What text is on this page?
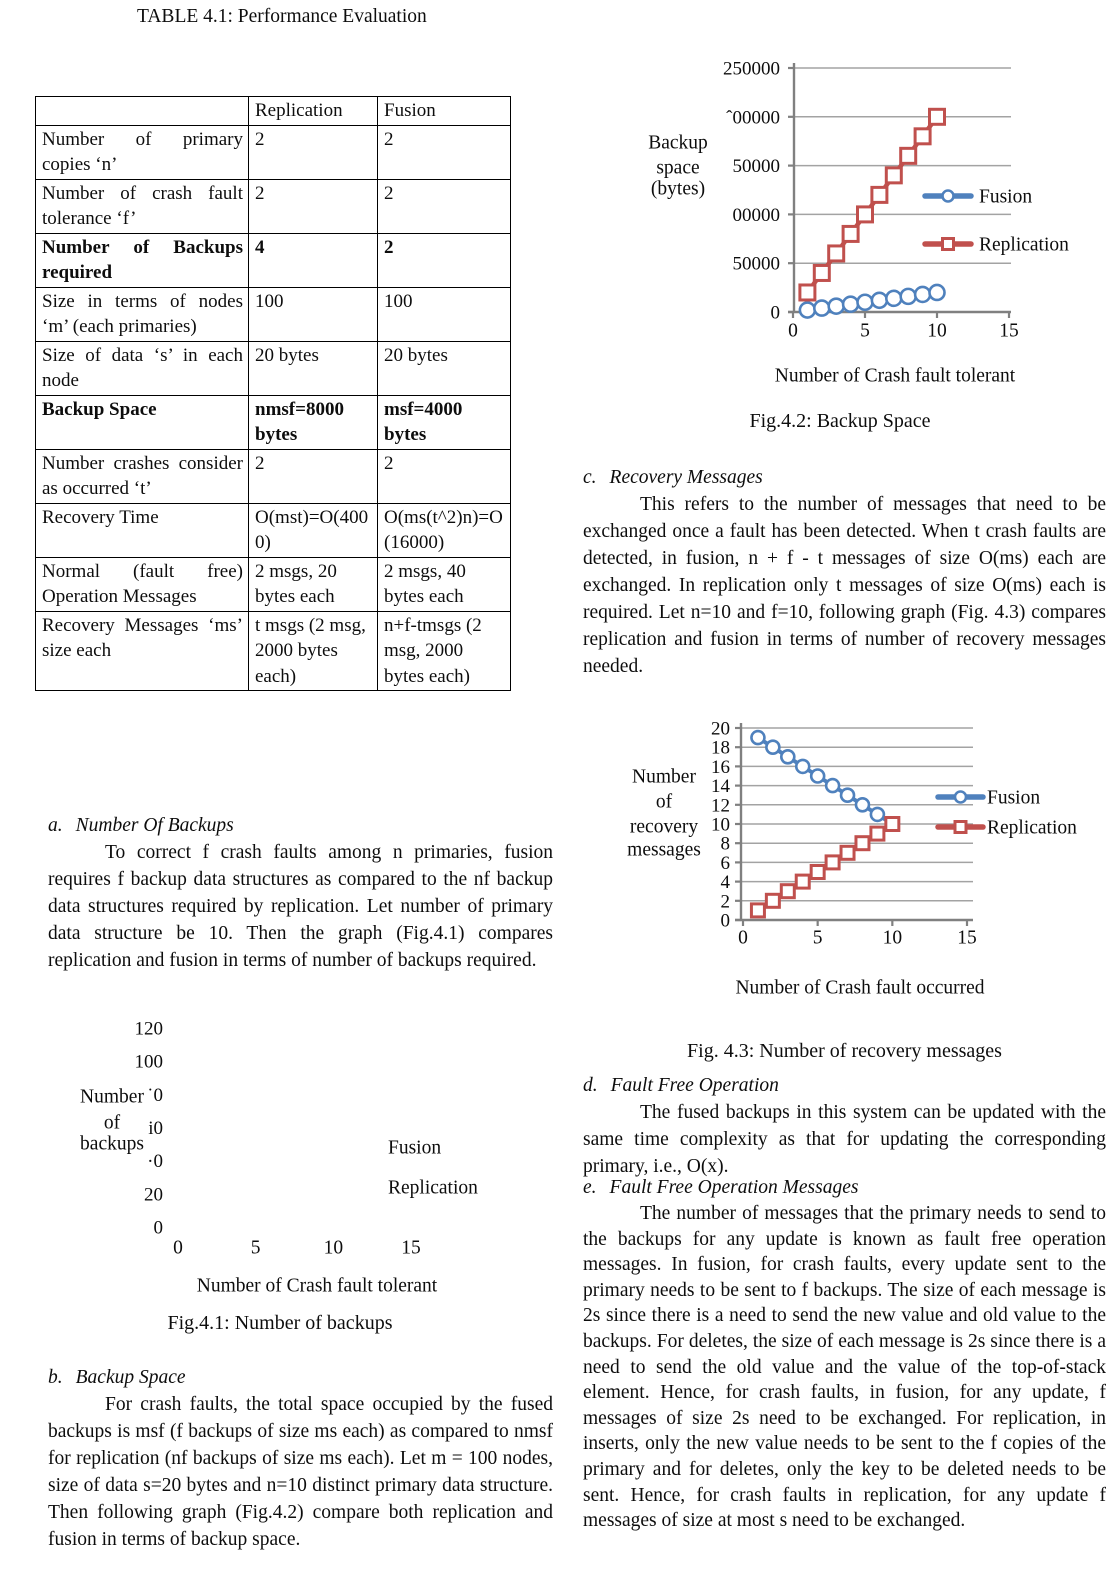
TABLE 4.1: Performance Evaluation
	Replication	Fusion
Number of primary copies ‘n’	2	2
Number of crash fault tolerance ‘f’	2	2
Number of Backups required	4	2
Size in terms of nodes ‘m’ (each primaries)	100	100
Size of data ‘s’ in each node	20 bytes	20 bytes
Backup Space	nmsf=8000 bytes	msf=4000 bytes
Number crashes consider as occurred ‘t’	2	2
Recovery Time	O(mst)=O(4000)	O(ms(t^2)n)=O(16000)
Normal (fault free) Operation Messages	2 msgs, 20 bytes each	2 msgs, 40 bytes each
Recovery Messages ‘ms’ size each	t msgs (2 msg, 2000 bytes each)	n+f-tmsgs (2 msg, 2000 bytes each)
a. Number Of Backups

To correct f crash faults among n primaries, fusion requires f backup data structures as compared to the nf backup data structures required by replication. Let number of primary data structure be 10. Then the graph (Fig.4.1) compares replication and fusion in terms of number of backups required.

120
100
˙0
i0
·0
20
0
0	5	10	15
Number
of
backups
Number of Crash fault tolerant
Fusion
Replication
Fig.4.1: Number of backups
b. Backup Space

For crash faults, the total space occupied by the fused backups is msf (f backups of size ms each) as compared to nmsf for replication (nf backups of size ms each). Let m = 100 nodes, size of data s=20 bytes and n=10 distinct primary data structure. Then following graph (Fig.4.2) compare both replication and fusion in terms of backup space.

250000
ˆ00000
50000
00000
50000
0
0	5	10	15
Backup
space
(bytes)
Number of Crash fault tolerant
Fusion
Replication
Fig.4.2: Backup Space
c. Recovery Messages

This refers to the number of messages that need to be exchanged once a fault has been detected. When t crash faults are detected, in fusion, n + f - t messages of size O(ms) each are exchanged. In replication only t messages of size O(ms) each is required. Let n=10 and f=10, following graph (Fig. 4.3) compares replication and fusion in terms of number of recovery messages needed.

20
18
16
14
12
10
8
6
4
2
0
0	5	10	15
Number
of
recovery
messages
Number of Crash fault occurred
Fusion
Replication
Fig. 4.3: Number of recovery messages
d. Fault Free Operation

The fused backups in this system can be updated with the same time complexity as that for updating the corresponding primary, i.e., O(x).

e. Fault Free Operation Messages

The number of messages that the primary needs to send to the backups for any update is known as fault free operation messages. In fusion, for crash faults, every update sent to the primary needs to be sent to f backups. The size of each message is 2s since there is a need to send the new value and old value to the backups. For deletes, the size of each message is 2s since there is a need to send the old value and the value of the top-of-stack element. Hence, for crash faults, in fusion, for any update, f messages of size 2s need to be exchanged. For replication, in inserts, only the new value needs to be sent to the f copies of the primary and for deletes, only the key to be deleted needs to be sent. Hence, for crash faults in replication, for any update f messages of size at most s need to be exchanged.
